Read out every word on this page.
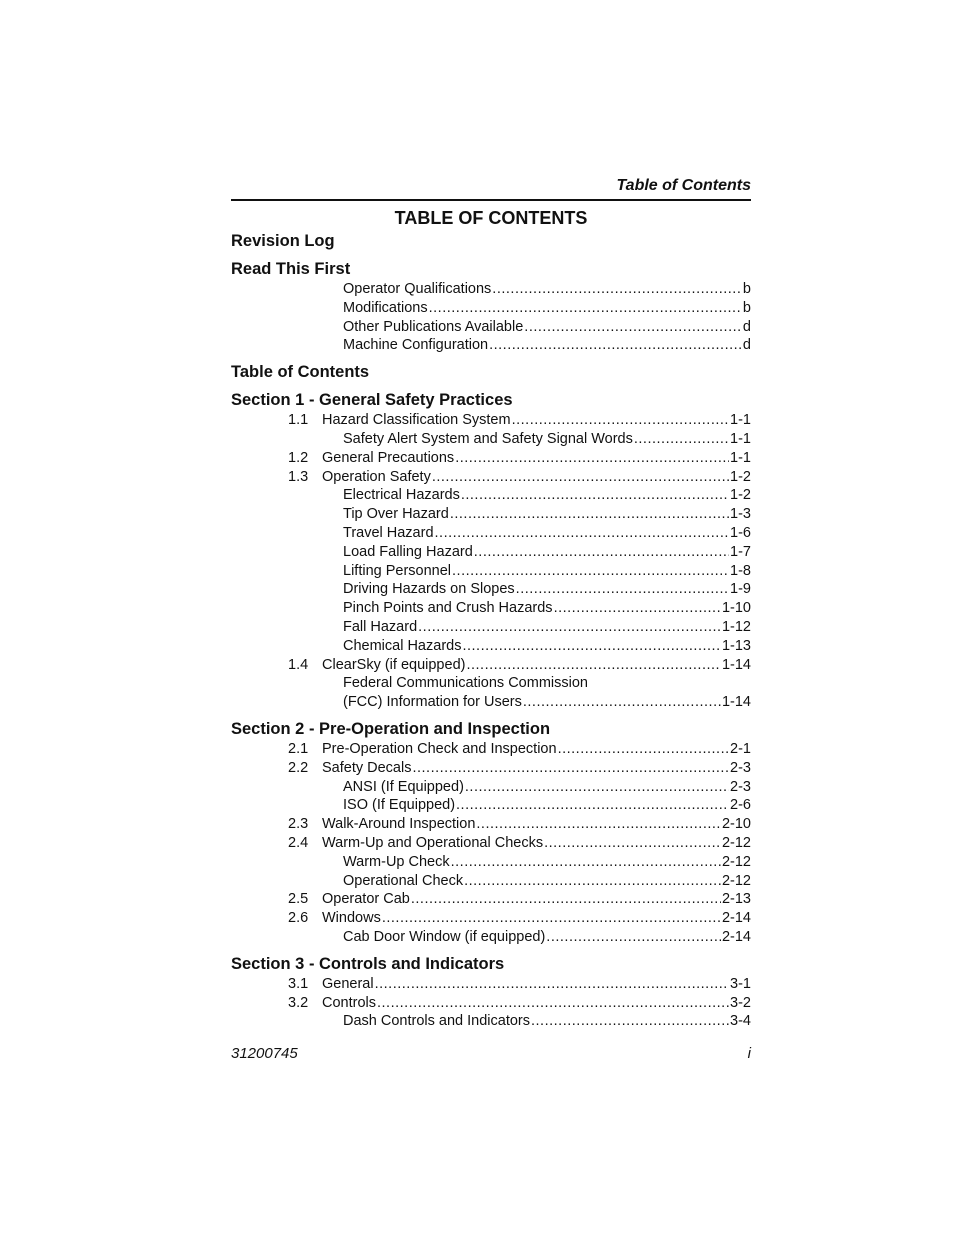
Table of Contents
TABLE OF CONTENTS
Revision Log
Read This First
Operator Qualifications .....	b
Modifications .....	b
Other Publications Available .....	d
Machine Configuration .....	d
Table of Contents
Section 1 - General Safety Practices
1.1 Hazard Classification System .....	1-1
Safety Alert System and Safety Signal Words .....	1-1
1.2 General Precautions .....	1-1
1.3 Operation Safety .....	1-2
Electrical Hazards .....	1-2
Tip Over Hazard .....	1-3
Travel Hazard .....	1-6
Load Falling Hazard .....	1-7
Lifting Personnel .....	1-8
Driving Hazards on Slopes .....	1-9
Pinch Points and Crush Hazards .....	1-10
Fall Hazard .....	1-12
Chemical Hazards .....	1-13
1.4 ClearSky (if equipped) .....	1-14
Federal Communications Commission
(FCC) Information for Users .....	1-14
Section 2 - Pre-Operation and Inspection
2.1 Pre-Operation Check and Inspection .....	2-1
2.2 Safety Decals .....	2-3
ANSI (If Equipped) .....	2-3
ISO (If Equipped) .....	2-6
2.3 Walk-Around Inspection .....	2-10
2.4 Warm-Up and Operational Checks .....	2-12
Warm-Up Check .....	2-12
Operational Check .....	2-12
2.5 Operator Cab .....	2-13
2.6 Windows .....	2-14
Cab Door Window (if equipped) .....	2-14
Section 3 - Controls and Indicators
3.1 General .....	3-1
3.2 Controls .....	3-2
Dash Controls and Indicators .....	3-4
31200745	i
